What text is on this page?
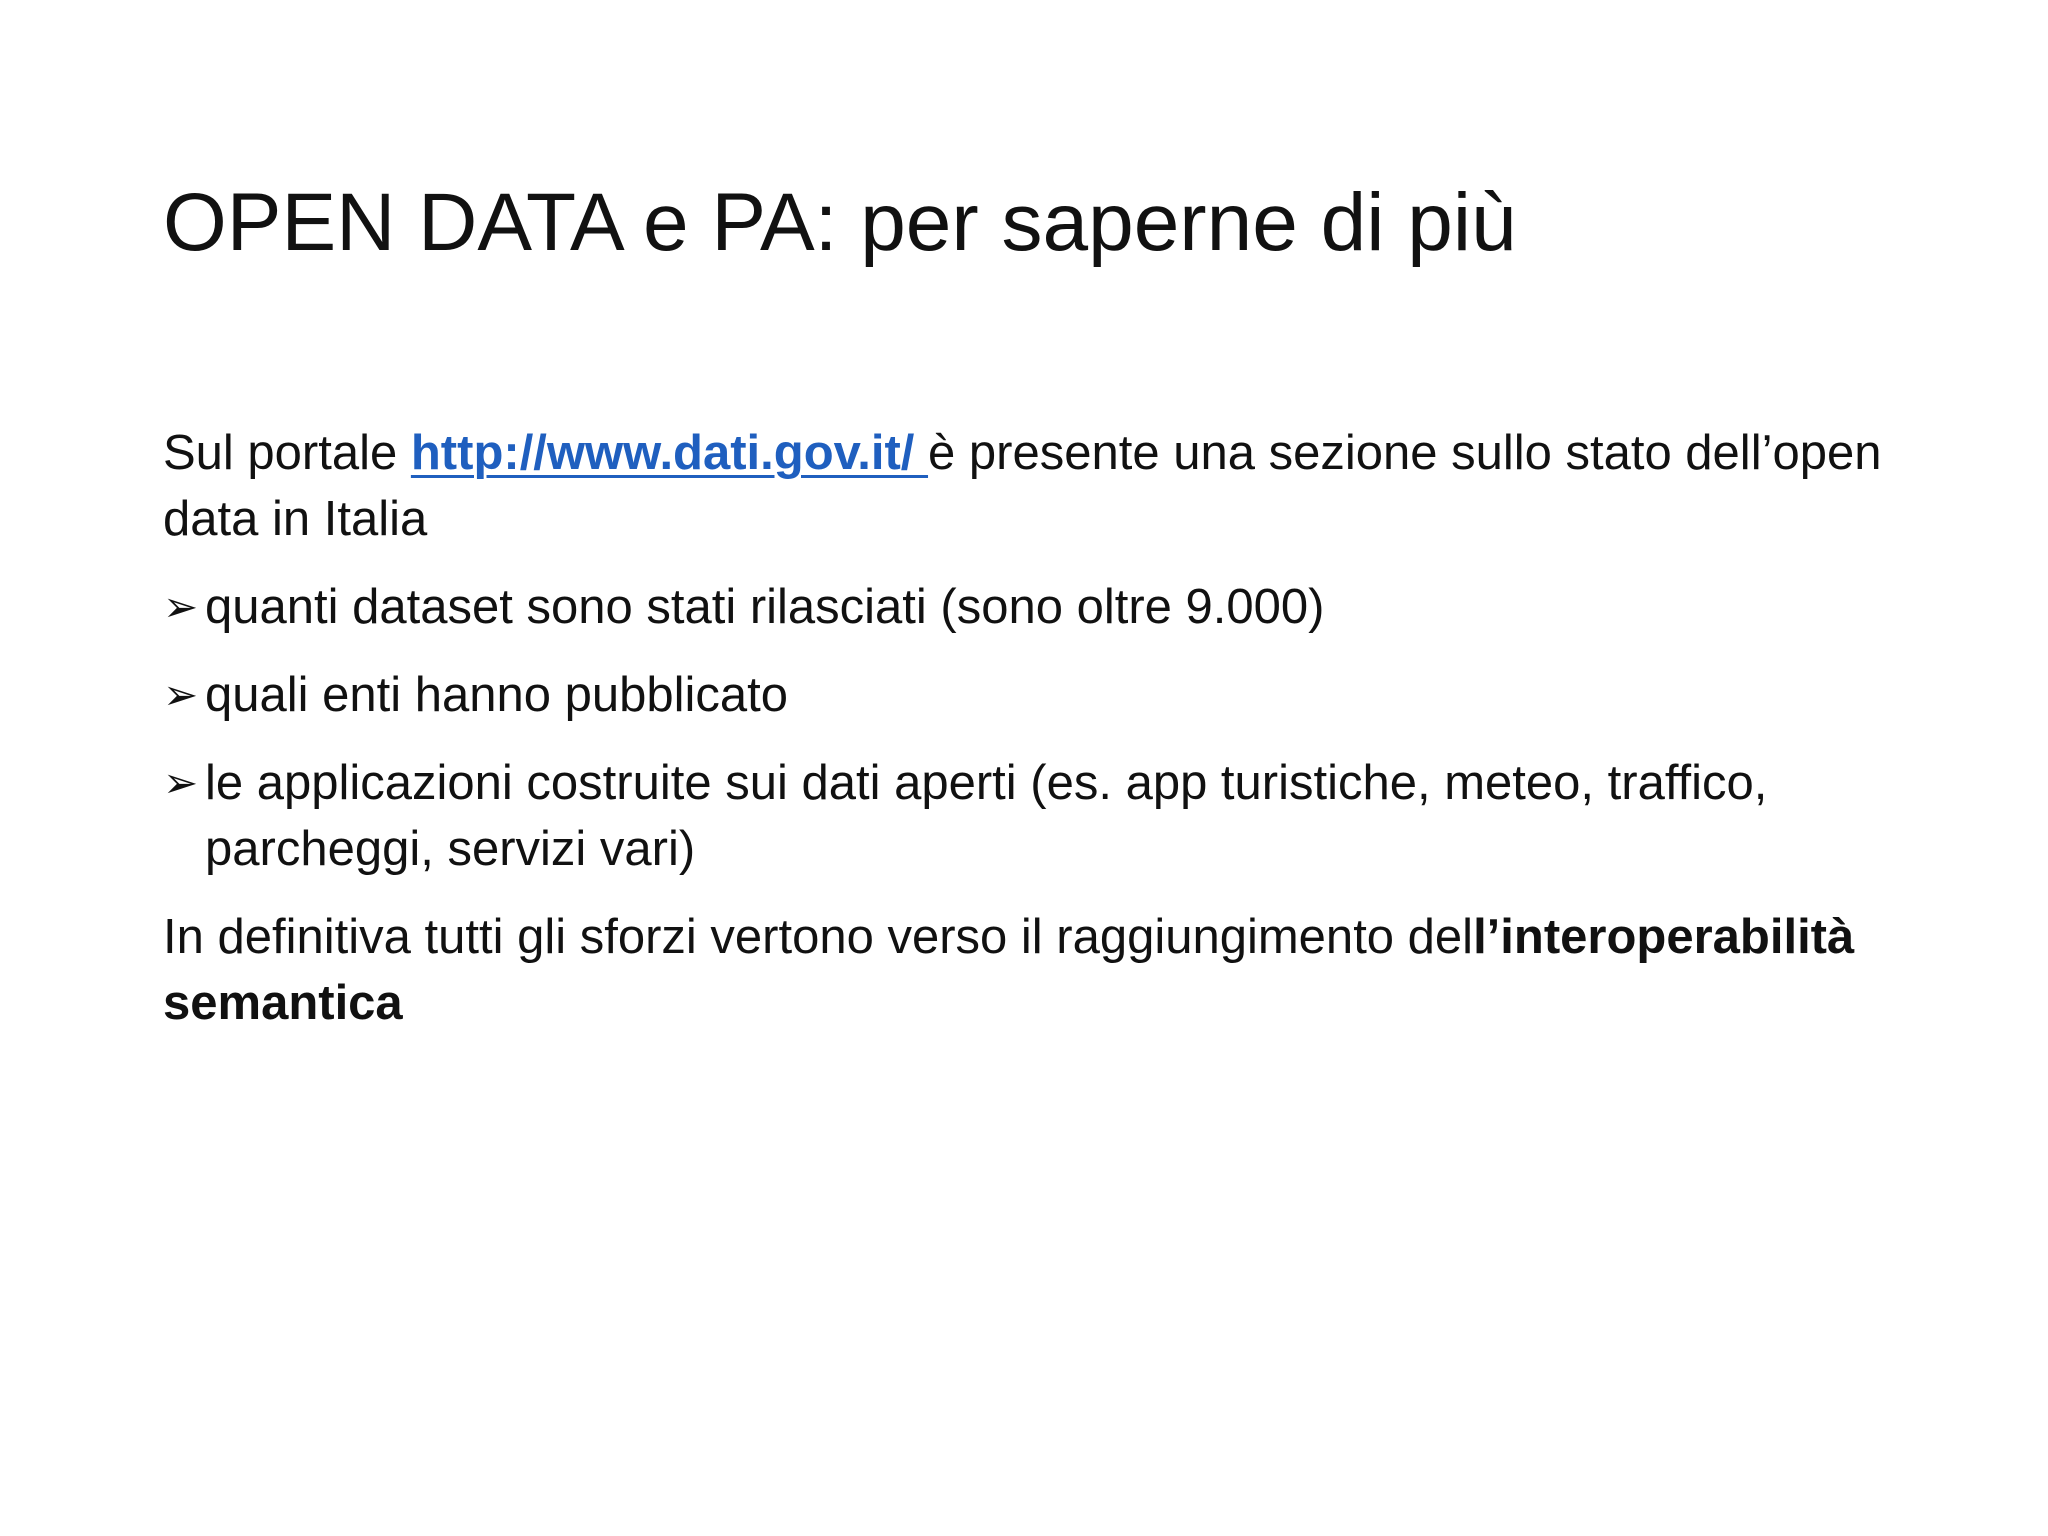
OPEN DATA e PA: per saperne di più

Sul portale http://www.dati.gov.it/ è presente una sezione sullo stato dell’open data in Italia

➢ quanti dataset sono stati rilasciati (sono oltre 9.000)
➢ quali enti hanno pubblicato
➢ le applicazioni costruite sui dati aperti (es. app turistiche, meteo, traffico, parcheggi, servizi vari)

In definitiva tutti gli sforzi vertono verso il raggiungimento dell’interoperabilità semantica
